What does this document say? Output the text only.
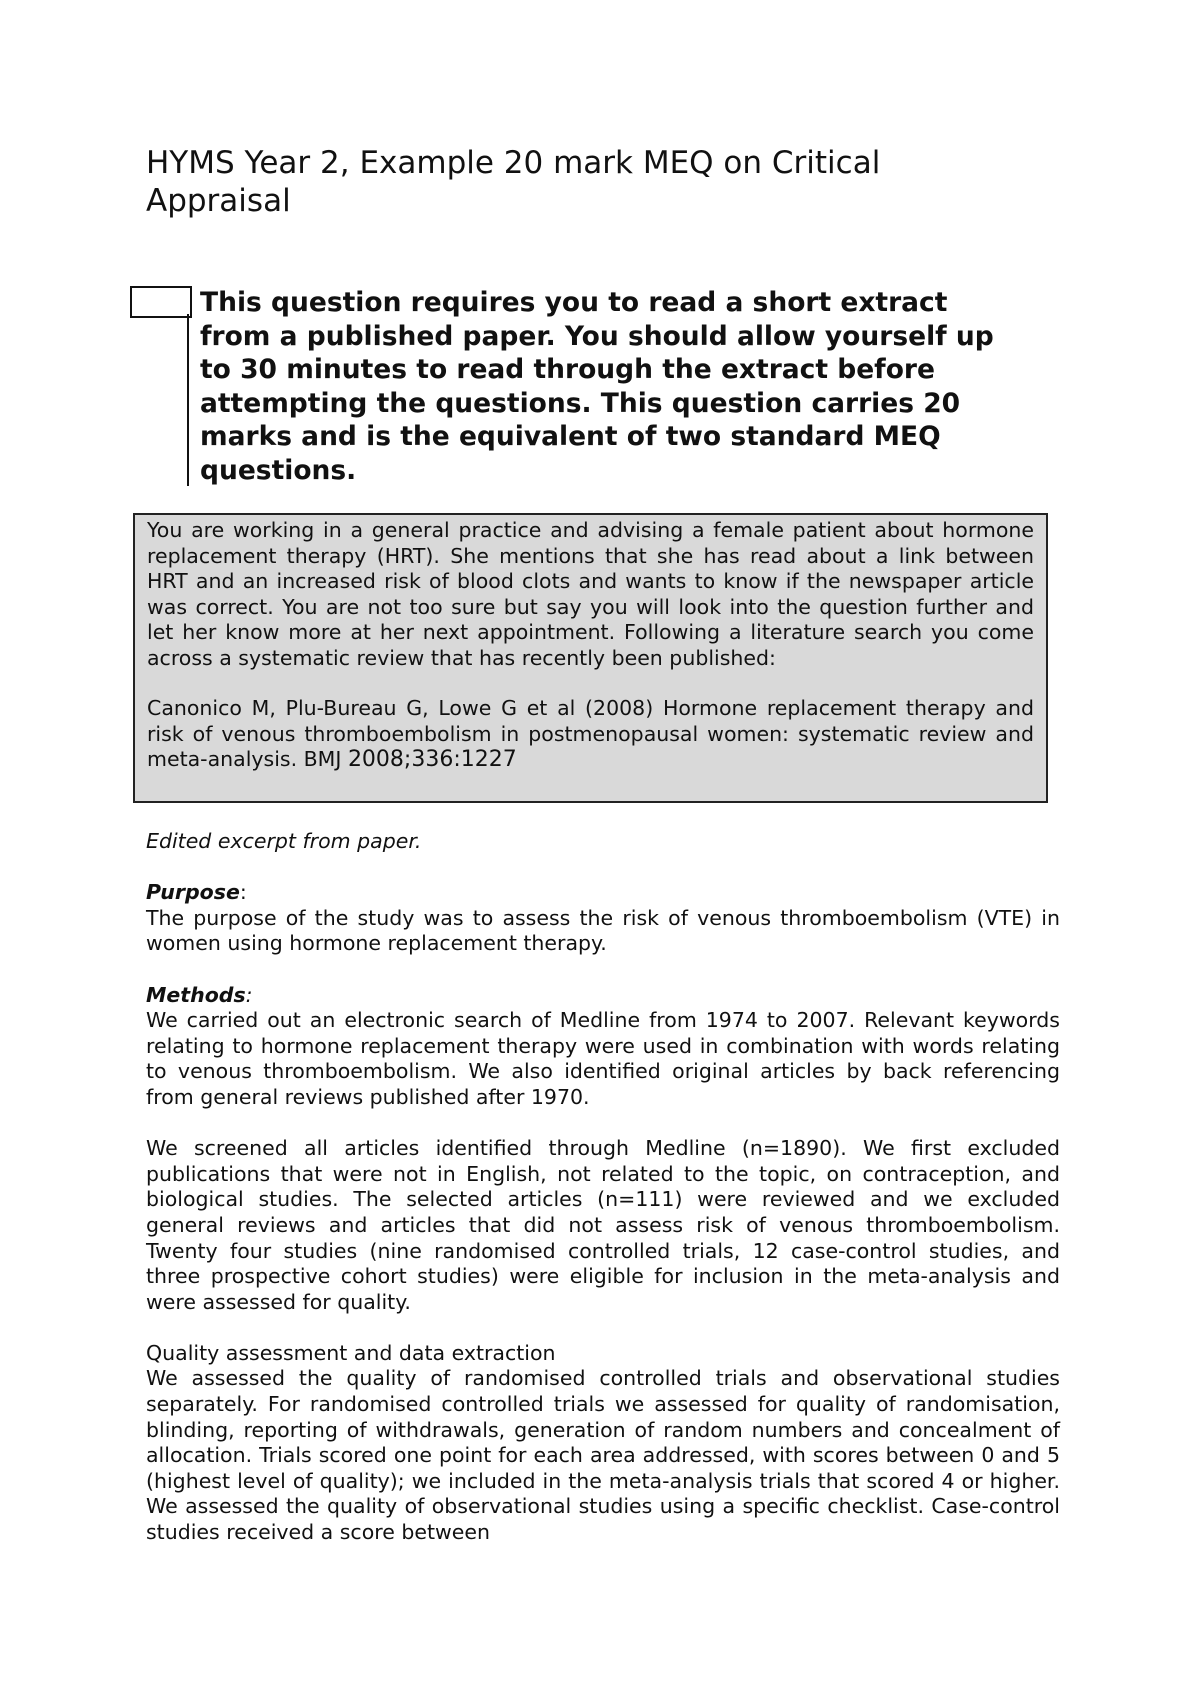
HYMS Year 2, Example 20 mark MEQ on Critical Appraisal

This question requires you to read a short extract from a published paper. You should allow yourself up to 30 minutes to read through the extract before attempting the questions. This question carries 20 marks and is the equivalent of two standard MEQ questions.

You are working in a general practice and advising a female patient about hormone replacement therapy (HRT). She mentions that she has read about a link between HRT and an increased risk of blood clots and wants to know if the newspaper article was correct. You are not too sure but say you will look into the question further and let her know more at her next appointment. Following a literature search you come across a systematic review that has recently been published:

Canonico M, Plu-Bureau G, Lowe G et al (2008) Hormone replacement therapy and risk of venous thromboembolism in postmenopausal women: systematic review and meta-analysis. BMJ 2008;336:1227

Edited excerpt from paper.

Purpose:

The purpose of the study was to assess the risk of venous thromboembolism (VTE) in women using hormone replacement therapy.

Methods:

We carried out an electronic search of Medline from 1974 to 2007. Relevant keywords relating to hormone replacement therapy were used in combination with words relating to venous thromboembolism. We also identified original articles by back referencing from general reviews published after 1970.

We screened all articles identified through Medline (n=1890). We first excluded publications that were not in English, not related to the topic, on contraception, and biological studies. The selected articles (n=111) were reviewed and we excluded general reviews and articles that did not assess risk of venous thromboembolism. Twenty four studies (nine randomised controlled trials, 12 case-control studies, and three prospective cohort studies) were eligible for inclusion in the meta-analysis and were assessed for quality.

Quality assessment and data extraction

We assessed the quality of randomised controlled trials and observational studies separately. For randomised controlled trials we assessed for quality of randomisation, blinding, reporting of withdrawals, generation of random numbers and concealment of allocation. Trials scored one point for each area addressed, with scores between 0 and 5 (highest level of quality); we included in the meta-analysis trials that scored 4 or higher. We assessed the quality of observational studies using a specific checklist. Case-control studies received a score between
